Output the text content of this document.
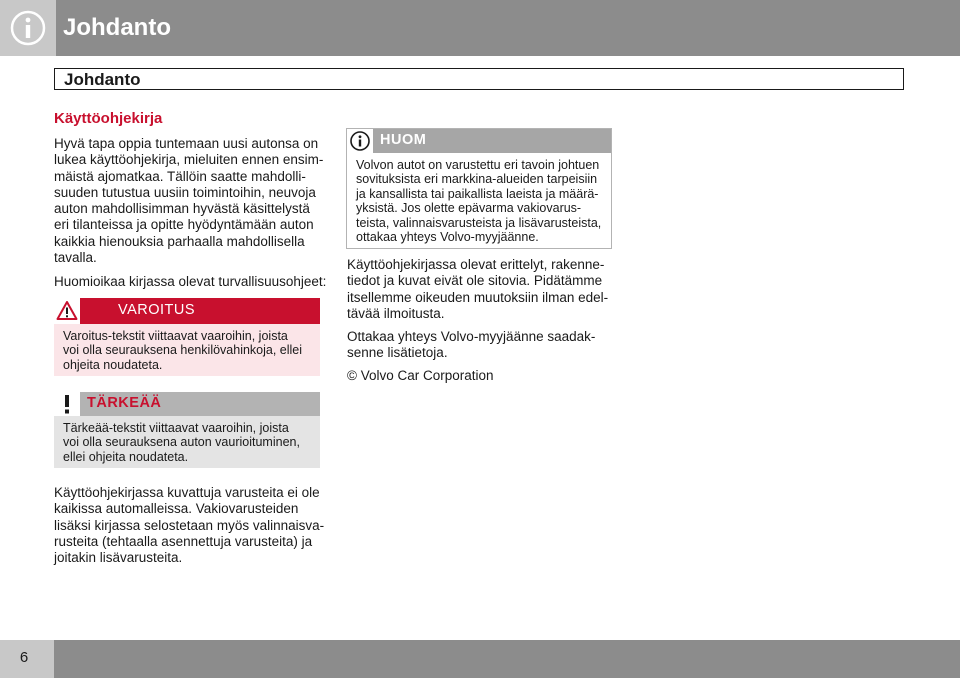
Johdanto
Johdanto
Käyttöohjekirja
Hyvä tapa oppia tuntemaan uusi autonsa on
lukea käyttöohjekirja, mieluiten ennen ensim-
mäistä ajomatkaa. Tällöin saatte mahdolli-
suuden tutustua uusiin toimintoihin, neuvoja
auton mahdollisimman hyvästä käsittelystä
eri tilanteissa ja opitte hyödyntämään auton
kaikkia hienouksia parhaalla mahdollisella
tavalla.
Huomioikaa kirjassa olevat turvallisuusohjeet:
VAROITUS
Varoitus-tekstit viittaavat vaaroihin, joista
voi olla seurauksena henkilövahinkoja, ellei
ohjeita noudateta.
TÄRKEÄÄ
Tärkeää-tekstit viittaavat vaaroihin, joista
voi olla seurauksena auton vaurioituminen,
ellei ohjeita noudateta.
Käyttöohjekirjassa kuvattuja varusteita ei ole
kaikissa automalleissa. Vakiovarusteiden
lisäksi kirjassa selostetaan myös valinnaisva-
rusteita (tehtaalla asennettuja varusteita) ja
joitakin lisävarusteita.
HUOM
Volvon autot on varustettu eri tavoin johtuen
sovituksista eri markkina-alueiden tarpeisiin
ja kansallista tai paikallista laeista ja määrä-
yksistä. Jos olette epävarma vakiovarus-
teista, valinnaisvarusteista ja lisävarusteista,
ottakaa yhteys Volvo-myyjäänne.
Käyttöohjekirjassa olevat erittelyt, rakenne-
tiedot ja kuvat eivät ole sitovia. Pidätämme
itsellemme oikeuden muutoksiin ilman edel-
tävää ilmoitusta.
Ottakaa yhteys Volvo-myyjäänne saadak-
senne lisätietoja.
© Volvo Car Corporation
6
